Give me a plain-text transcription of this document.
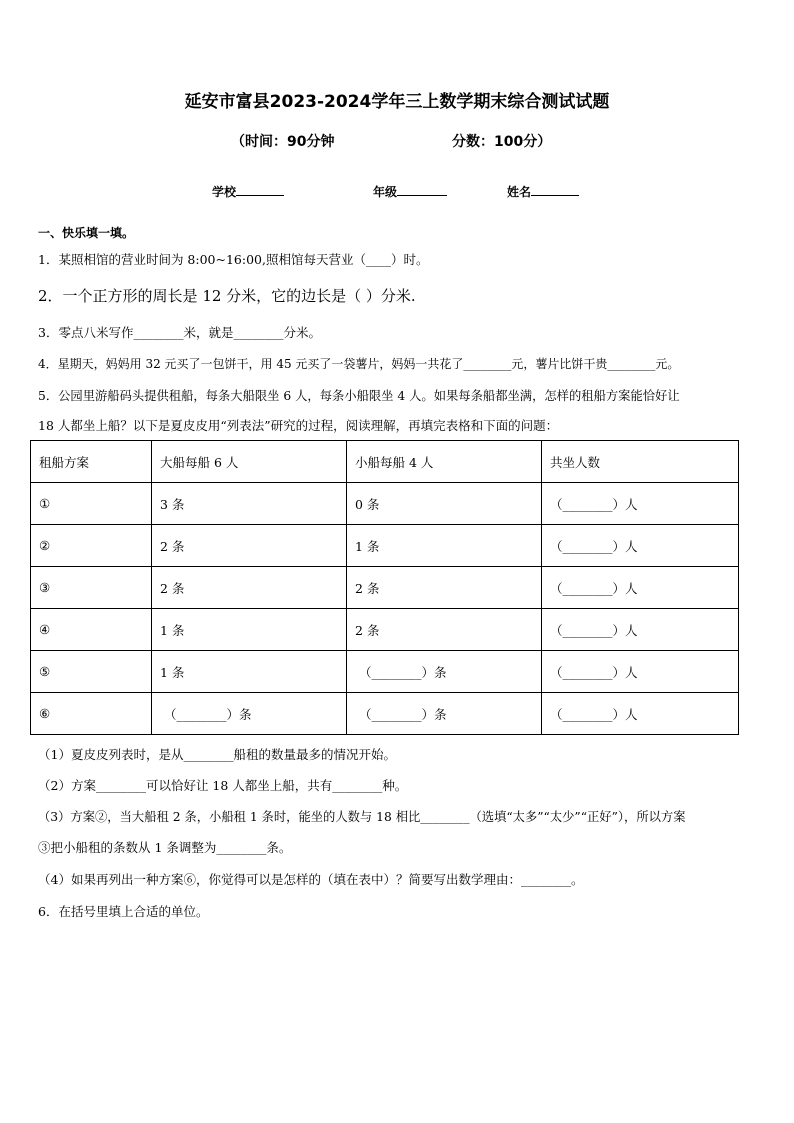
延安市富县2023-2024学年三上数学期末综合测试试题
（时间：90分钟	分数：100分）
学校	年级	姓名
一、快乐填一填。
1．某照相馆的营业时间为 8:00~16:00,照相馆每天营业（____）时。
2．一个正方形的周长是 12 分米，它的边长是（ ）分米.
3．零点八米写作________米，就是________分米。
4．星期天，妈妈用 32 元买了一包饼干，用 45 元买了一袋薯片，妈妈一共花了________元，薯片比饼干贵________元。
5．公园里游船码头提供租船，每条大船限坐 6 人，每条小船限坐 4 人。如果每条船都坐满，怎样的租船方案能恰好让
18 人都坐上船？以下是夏皮皮用“列表法”研究的过程，阅读理解，再填完表格和下面的问题：
租船方案	大船每船 6 人	小船每船 4 人	共坐人数
①	3 条	0 条	（________）人
②	2 条	1 条	（________）人
③	2 条	2 条	（________）人
④	1 条	2 条	（________）人
⑤	1 条	（________）条	（________）人
⑥	（________）条	（________）条	（________）人
（1）夏皮皮列表时，是从________船租的数量最多的情况开始。
（2）方案________可以恰好让 18 人都坐上船，共有________种。
（3）方案②，当大船租 2 条，小船租 1 条时，能坐的人数与 18 相比________（选填“太多”“太少”“正好”），所以方案
③把小船租的条数从 1 条调整为________条。
（4）如果再列出一种方案⑥，你觉得可以是怎样的（填在表中）？简要写出数学理由：________。
6．在括号里填上合适的单位。
